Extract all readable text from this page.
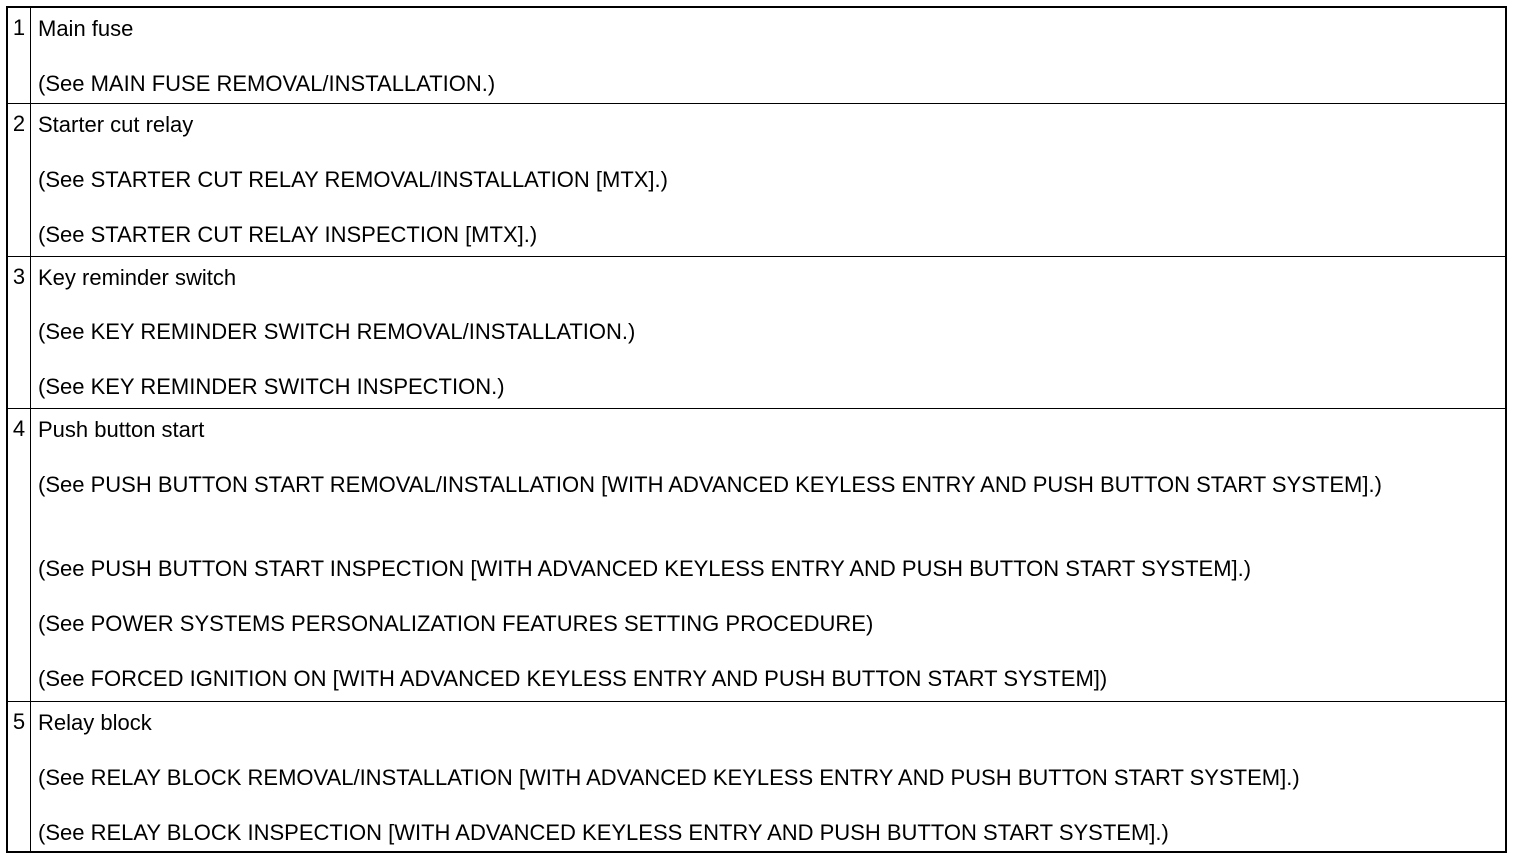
1 Main fuse
(See MAIN FUSE REMOVAL/INSTALLATION.)
2 Starter cut relay
(See STARTER CUT RELAY REMOVAL/INSTALLATION [MTX].)
(See STARTER CUT RELAY INSPECTION [MTX].)
3 Key reminder switch
(See KEY REMINDER SWITCH REMOVAL/INSTALLATION.)
(See KEY REMINDER SWITCH INSPECTION.)
4 Push button start
(See PUSH BUTTON START REMOVAL/INSTALLATION [WITH ADVANCED KEYLESS ENTRY AND PUSH BUTTON START SYSTEM].)
(See PUSH BUTTON START INSPECTION [WITH ADVANCED KEYLESS ENTRY AND PUSH BUTTON START SYSTEM].)
(See POWER SYSTEMS PERSONALIZATION FEATURES SETTING PROCEDURE)
(See FORCED IGNITION ON [WITH ADVANCED KEYLESS ENTRY AND PUSH BUTTON START SYSTEM])
5 Relay block
(See RELAY BLOCK REMOVAL/INSTALLATION [WITH ADVANCED KEYLESS ENTRY AND PUSH BUTTON START SYSTEM].)
(See RELAY BLOCK INSPECTION [WITH ADVANCED KEYLESS ENTRY AND PUSH BUTTON START SYSTEM].)
